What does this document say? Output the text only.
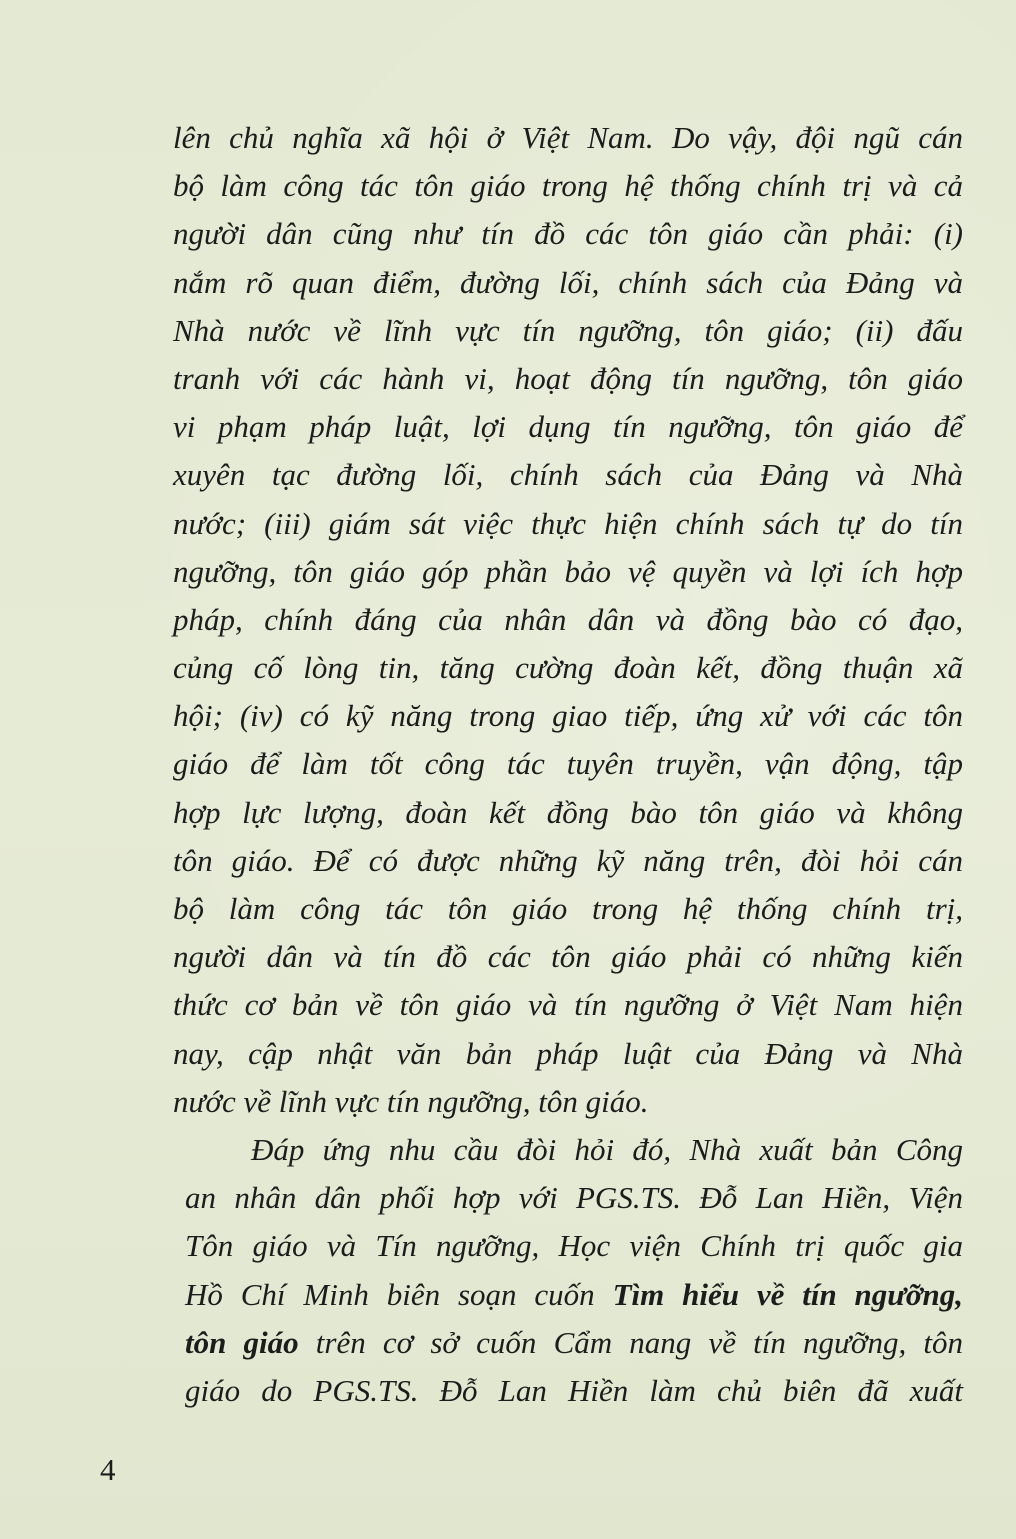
lên chủ nghĩa xã hội ở Việt Nam. Do vậy, đội ngũ cán
bộ làm công tác tôn giáo trong hệ thống chính trị và cả
người dân cũng như tín đồ các tôn giáo cần phải: (i)
nắm rõ quan điểm, đường lối, chính sách của Đảng và
Nhà nước về lĩnh vực tín ngưỡng, tôn giáo; (ii) đấu
tranh với các hành vi, hoạt động tín ngưỡng, tôn giáo
vi phạm pháp luật, lợi dụng tín ngưỡng, tôn giáo để
xuyên tạc đường lối, chính sách của Đảng và Nhà
nước; (iii) giám sát việc thực hiện chính sách tự do tín
ngưỡng, tôn giáo góp phần bảo vệ quyền và lợi ích hợp
pháp, chính đáng của nhân dân và đồng bào có đạo,
củng cố lòng tin, tăng cường đoàn kết, đồng thuận xã
hội; (iv) có kỹ năng trong giao tiếp, ứng xử với các tôn
giáo để làm tốt công tác tuyên truyền, vận động, tập
hợp lực lượng, đoàn kết đồng bào tôn giáo và không
tôn giáo. Để có được những kỹ năng trên, đòi hỏi cán
bộ làm công tác tôn giáo trong hệ thống chính trị,
người dân và tín đồ các tôn giáo phải có những kiến
thức cơ bản về tôn giáo và tín ngưỡng ở Việt Nam hiện
nay, cập nhật văn bản pháp luật của Đảng và Nhà
nước về lĩnh vực tín ngưỡng, tôn giáo.
Đáp ứng nhu cầu đòi hỏi đó, Nhà xuất bản Công
an nhân dân phối hợp với PGS.TS. Đỗ Lan Hiền, Viện
Tôn giáo và Tín ngưỡng, Học viện Chính trị quốc gia
Hồ Chí Minh biên soạn cuốn Tìm hiểu về tín ngưỡng,
tôn giáo trên cơ sở cuốn Cẩm nang về tín ngưỡng, tôn
giáo do PGS.TS. Đỗ Lan Hiền làm chủ biên đã xuất
4
